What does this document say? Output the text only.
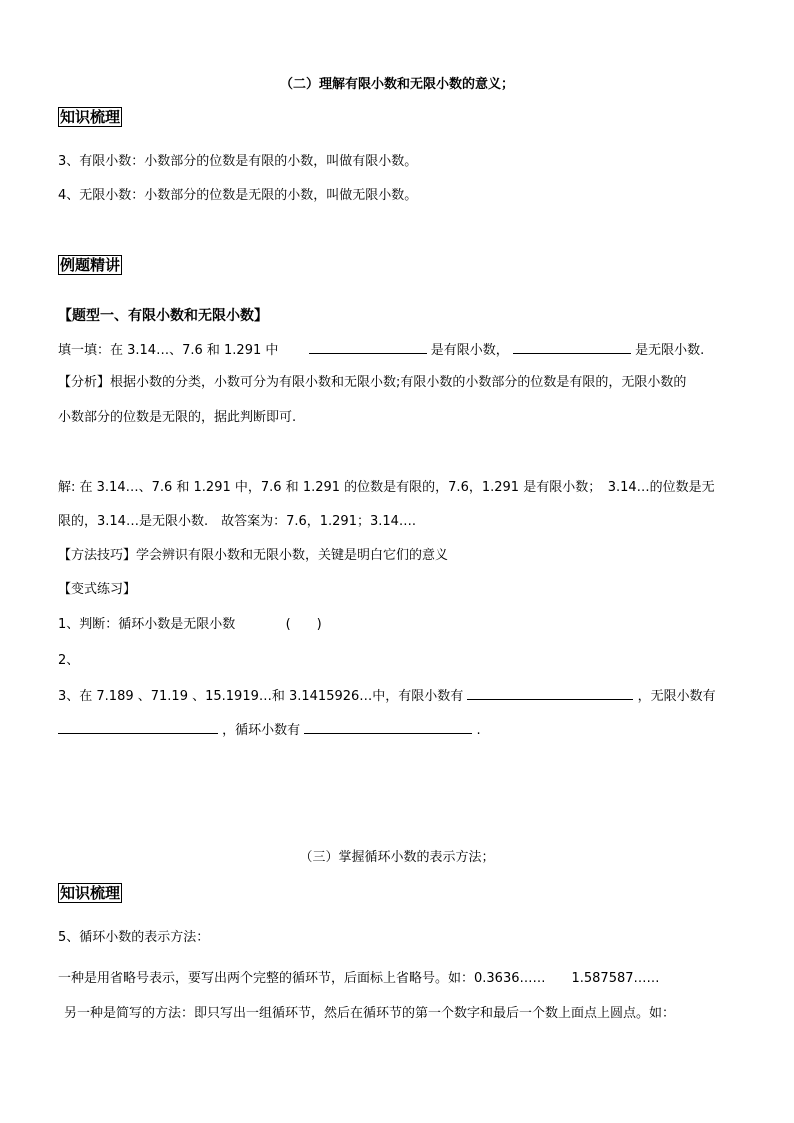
（二）理解有限小数和无限小数的意义；
知识梳理
3、有限小数：小数部分的位数是有限的小数，叫做有限小数。
4、无限小数：小数部分的位数是无限的小数，叫做无限小数。
例题精讲
【题型一、有限小数和无限小数】
填一填：在 3.14…、7.6 和 1.291 中	是有限小数，	是无限小数.
【分析】根据小数的分类，小数可分为有限小数和无限小数;有限小数的小数部分的位数是有限的，无限小数的
小数部分的位数是无限的，据此判断即可.
解: 在 3.14…、7.6 和 1.291 中，7.6 和 1.291 的位数是有限的，7.6，1.291 是有限小数；　3.14…的位数是无
限的，3.14…是无限小数.　故答案为：7.6，1.291；3.14….
【方法技巧】学会辨识有限小数和无限小数，关键是明白它们的意义
【变式练习】
1、判断：循环小数是无限小数	(　　)
2、
3、在 7.189 、71.19 、15.1919…和 3.1415926…中，有限小数有	，无限小数有
，循环小数有	.
（三）掌握循环小数的表示方法；
知识梳理
5、循环小数的表示方法：
一种是用省略号表示，要写出两个完整的循环节，后面标上省略号。如：0.3636……　　1.587587……
另一种是简写的方法：即只写出一组循环节，然后在循环节的第一个数字和最后一个数上面点上圆点。如：
